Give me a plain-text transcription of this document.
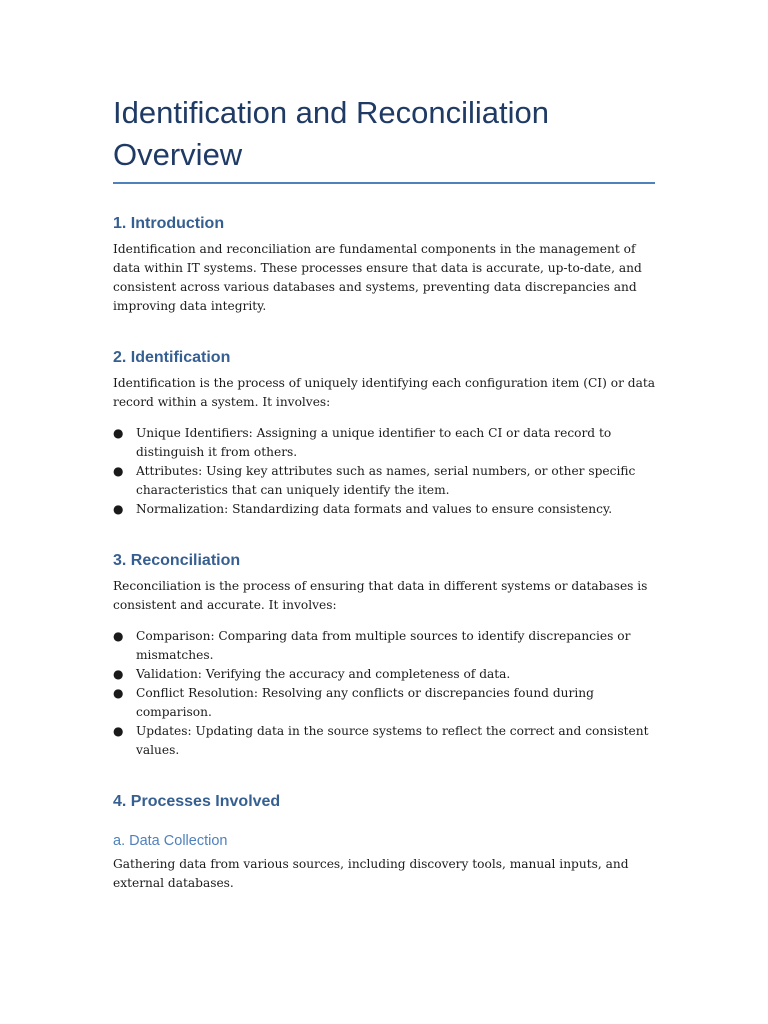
Identification and Reconciliation Overview
1. Introduction

Identification and reconciliation are fundamental components in the management of data within IT systems. These processes ensure that data is accurate, up-to-date, and consistent across various databases and systems, preventing data discrepancies and improving data integrity.

2. Identification

Identification is the process of uniquely identifying each configuration item (CI) or data record within a system. It involves:

● Unique Identifiers: Assigning a unique identifier to each CI or data record to distinguish it from others.
● Attributes: Using key attributes such as names, serial numbers, or other specific characteristics that can uniquely identify the item.
● Normalization: Standardizing data formats and values to ensure consistency.
3. Reconciliation

Reconciliation is the process of ensuring that data in different systems or databases is consistent and accurate. It involves:

● Comparison: Comparing data from multiple sources to identify discrepancies or mismatches.
● Validation: Verifying the accuracy and completeness of data.
● Conflict Resolution: Resolving any conflicts or discrepancies found during comparison.
● Updates: Updating data in the source systems to reflect the correct and consistent values.
4. Processes Involved
a. Data Collection

Gathering data from various sources, including discovery tools, manual inputs, and external databases.
